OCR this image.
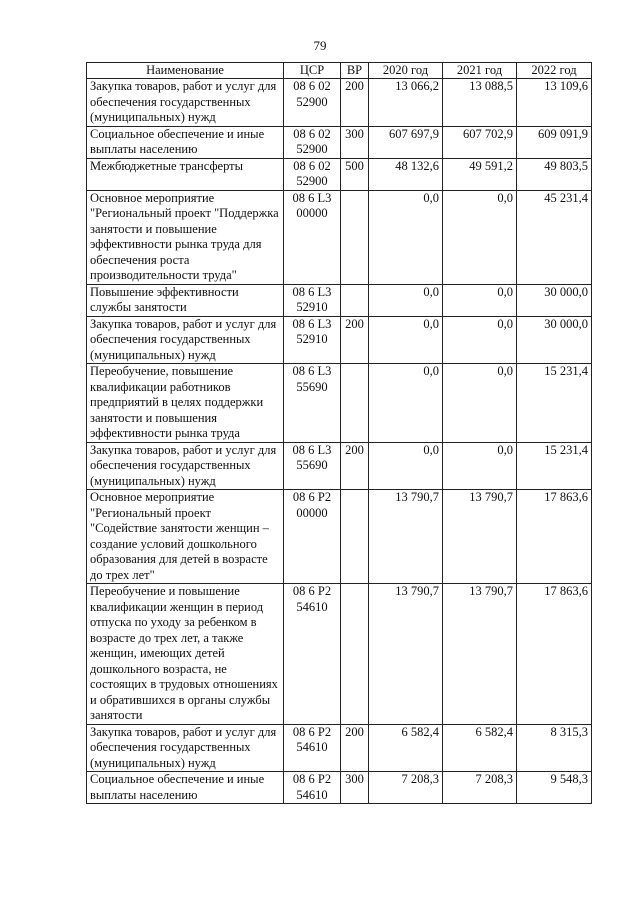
79
Наименование	ЦСР	ВР	2020 год	2021 год	2022 год
Закупка товаров, работ и услуг для обеспечения государственных (муниципальных) нужд	08 6 02 52900	200	13 066,2	13 088,5	13 109,6
Социальное обеспечение и иные выплаты населению	08 6 02 52900	300	607 697,9	607 702,9	609 091,9
Межбюджетные трансферты	08 6 02 52900	500	48 132,6	49 591,2	49 803,5
Основное мероприятие "Региональный проект "Поддержка занятости и повышение эффективности рынка труда для обеспечения роста производительности труда"	08 6 L3 00000		0,0	0,0	45 231,4
Повышение эффективности службы занятости	08 6 L3 52910		0,0	0,0	30 000,0
Закупка товаров, работ и услуг для обеспечения государственных (муниципальных) нужд	08 6 L3 52910	200	0,0	0,0	30 000,0
Переобучение, повышение квалификации работников предприятий в целях поддержки занятости и повышения эффективности рынка труда	08 6 L3 55690		0,0	0,0	15 231,4
Закупка товаров, работ и услуг для обеспечения государственных (муниципальных) нужд	08 6 L3 55690	200	0,0	0,0	15 231,4
Основное мероприятие "Региональный проект "Содействие занятости женщин – создание условий дошкольного образования для детей в возрасте до трех лет"	08 6 P2 00000		13 790,7	13 790,7	17 863,6
Переобучение и повышение квалификации женщин в период отпуска по уходу за ребенком в возрасте до трех лет, а также женщин, имеющих детей дошкольного возраста, не состоящих в трудовых отношениях и обратившихся в органы службы занятости	08 6 P2 54610		13 790,7	13 790,7	17 863,6
Закупка товаров, работ и услуг для обеспечения государственных (муниципальных) нужд	08 6 P2 54610	200	6 582,4	6 582,4	8 315,3
Социальное обеспечение и иные выплаты населению	08 6 P2 54610	300	7 208,3	7 208,3	9 548,3
